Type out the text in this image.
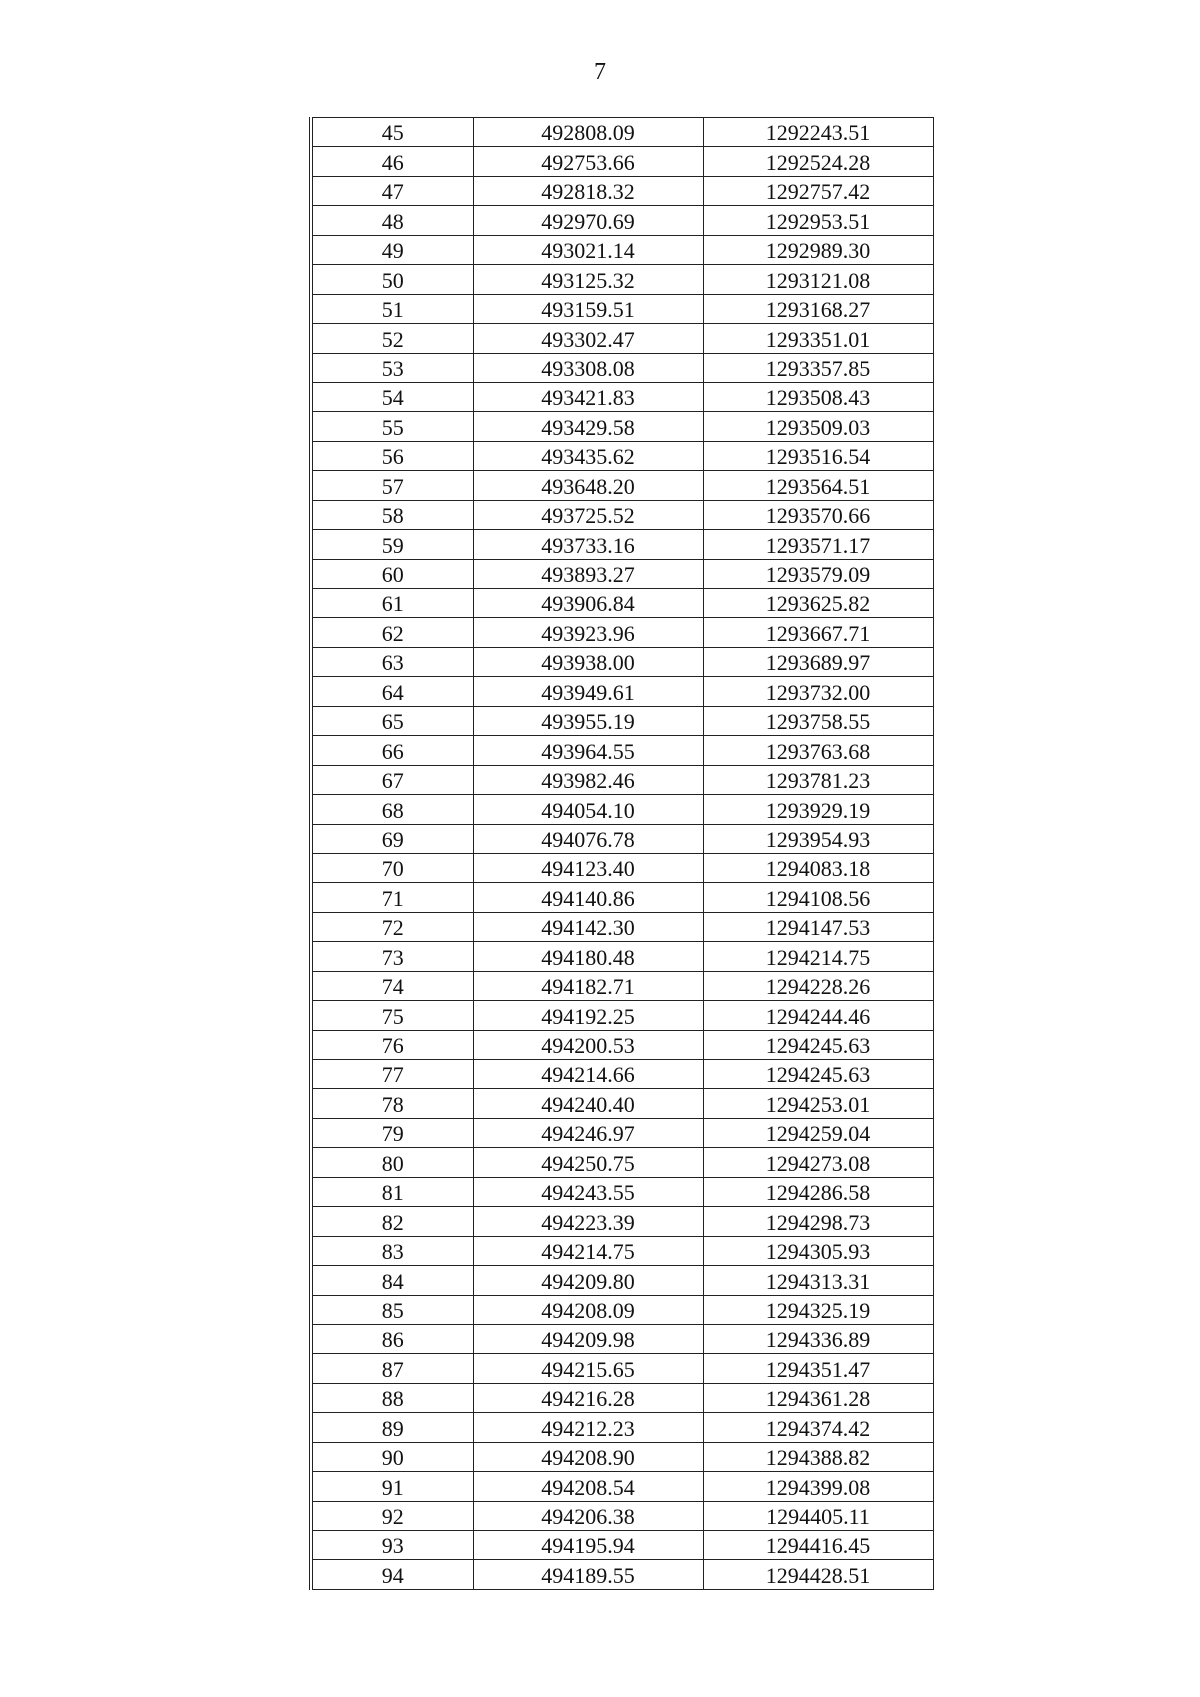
7
45	492808.09	1292243.51
46	492753.66	1292524.28
47	492818.32	1292757.42
48	492970.69	1292953.51
49	493021.14	1292989.30
50	493125.32	1293121.08
51	493159.51	1293168.27
52	493302.47	1293351.01
53	493308.08	1293357.85
54	493421.83	1293508.43
55	493429.58	1293509.03
56	493435.62	1293516.54
57	493648.20	1293564.51
58	493725.52	1293570.66
59	493733.16	1293571.17
60	493893.27	1293579.09
61	493906.84	1293625.82
62	493923.96	1293667.71
63	493938.00	1293689.97
64	493949.61	1293732.00
65	493955.19	1293758.55
66	493964.55	1293763.68
67	493982.46	1293781.23
68	494054.10	1293929.19
69	494076.78	1293954.93
70	494123.40	1294083.18
71	494140.86	1294108.56
72	494142.30	1294147.53
73	494180.48	1294214.75
74	494182.71	1294228.26
75	494192.25	1294244.46
76	494200.53	1294245.63
77	494214.66	1294245.63
78	494240.40	1294253.01
79	494246.97	1294259.04
80	494250.75	1294273.08
81	494243.55	1294286.58
82	494223.39	1294298.73
83	494214.75	1294305.93
84	494209.80	1294313.31
85	494208.09	1294325.19
86	494209.98	1294336.89
87	494215.65	1294351.47
88	494216.28	1294361.28
89	494212.23	1294374.42
90	494208.90	1294388.82
91	494208.54	1294399.08
92	494206.38	1294405.11
93	494195.94	1294416.45
94	494189.55	1294428.51
